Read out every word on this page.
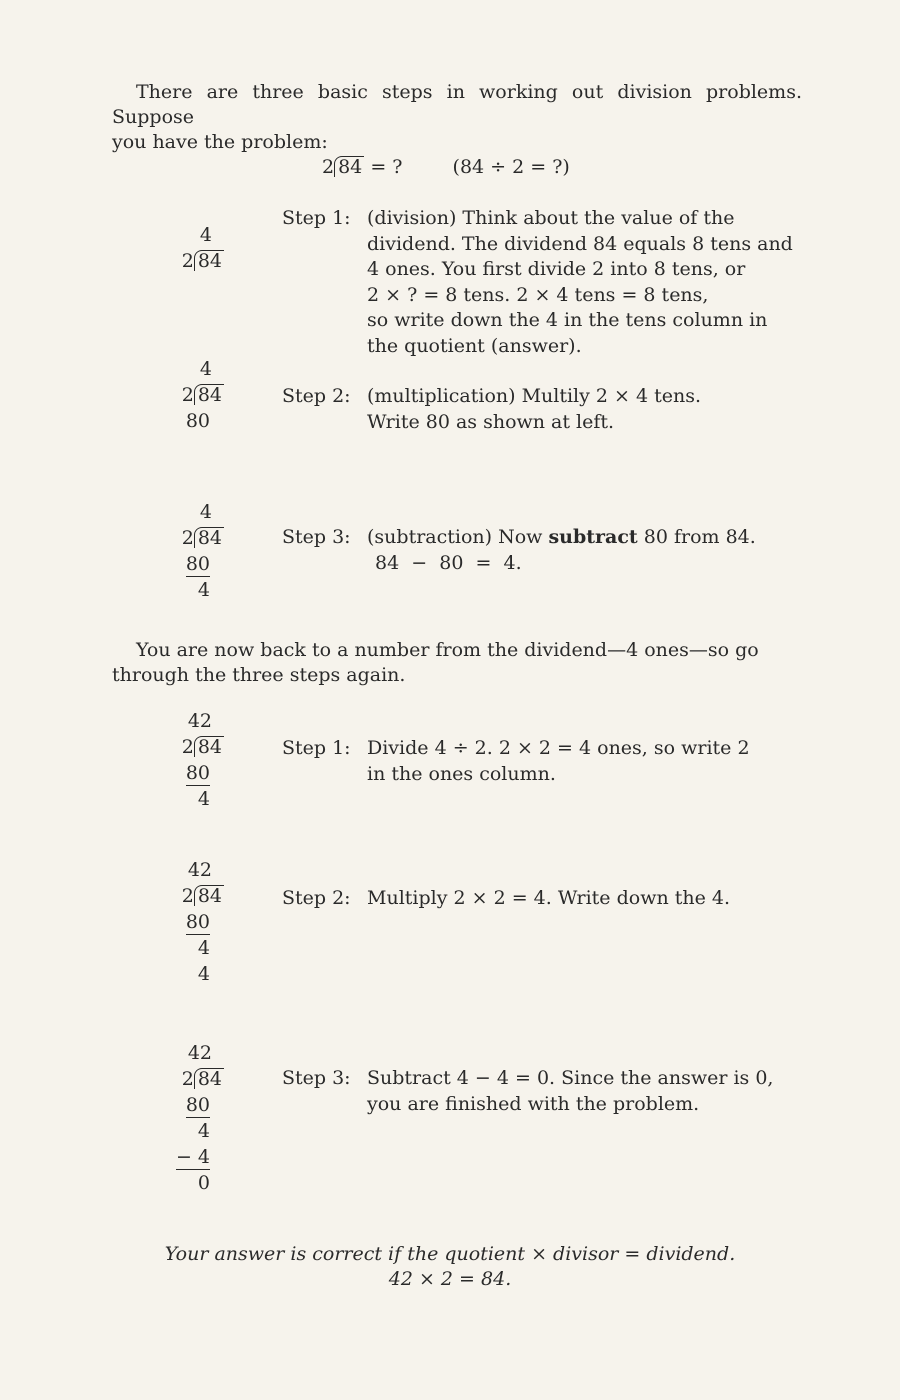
There are three basic steps in working out division problems. Suppose
you have the problem:
2 84 = ?	(84 ÷ 2 = ?)
4
2 84
Step 1: (division) Think about the value of the
dividend. The dividend 84 equals 8 tens and
4 ones. You first divide 2 into 8 tens, or
2 × ? = 8 tens. 2 × 4 tens = 8 tens,
so write down the 4 in the tens column in
the quotient (answer).
4
2 84
80
Step 2: (multiplication) Multily 2 × 4 tens.
Write 80 as shown at left.
4
2 84
80
4
Step 3: (subtraction) Now subtract 80 from 84.
84  −  80  =  4.
You are now back to a number from the dividend—4 ones—so go
through the three steps again.
42
2 84
80
4
Step 1: Divide 4 ÷ 2. 2 × 2 = 4 ones, so write 2
in the ones column.
42
2 84
80
4
4
Step 2: Multiply 2 × 2 = 4. Write down the 4.
42
2 84
80
4
− 4
0
Step 3: Subtract 4 − 4 = 0. Since the answer is 0,
you are finished with the problem.
Your answer is correct if the quotient × divisor = dividend.
42 × 2 = 84.
